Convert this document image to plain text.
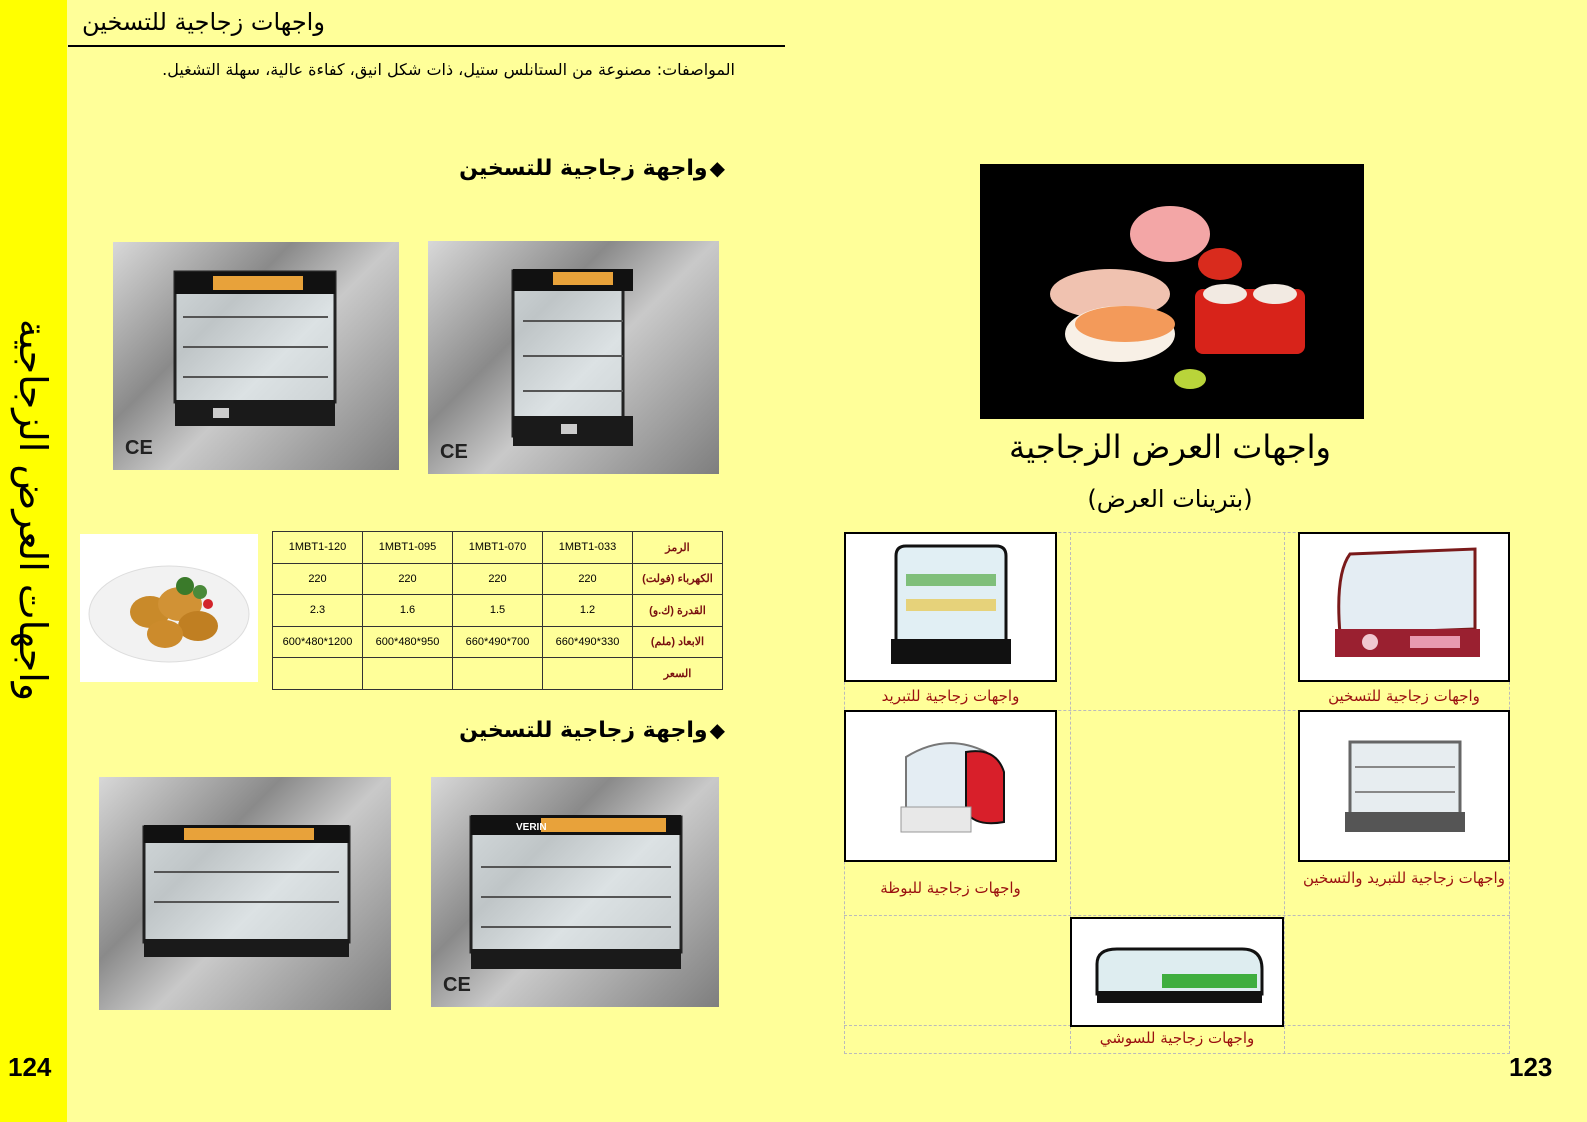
واجهات العرض الزجاجية
124	123
واجهات زجاجية للتسخين
المواصفات: مصنوعة من الستانلس ستيل، ذات شكل انيق، كفاءة عالية، سهلة التشغيل.
◆واجهة زجاجية للتسخين
CE
CE
الرمز	1MBT1-033	1MBT1-070	1MBT1-095	1MBT1-120
الكهرباء (فولت)	220	220	220	220
القدرة (ك.و)	1.2	1.5	1.6	2.3
الابعاد (ملم)	330*490*660	700*490*660	950*480*600	1200*480*600
السعر				
◆واجهة زجاجية للتسخين
VERIN
CE
واجهات العرض الزجاجية
(بترينات العرض)
واجهات زجاجية للتسخين
واجهات زجاجية للتبريد
واجهات زجاجية للتبريد والتسخين
واجهات زجاجية للبوظة
واجهات زجاجية للسوشي
